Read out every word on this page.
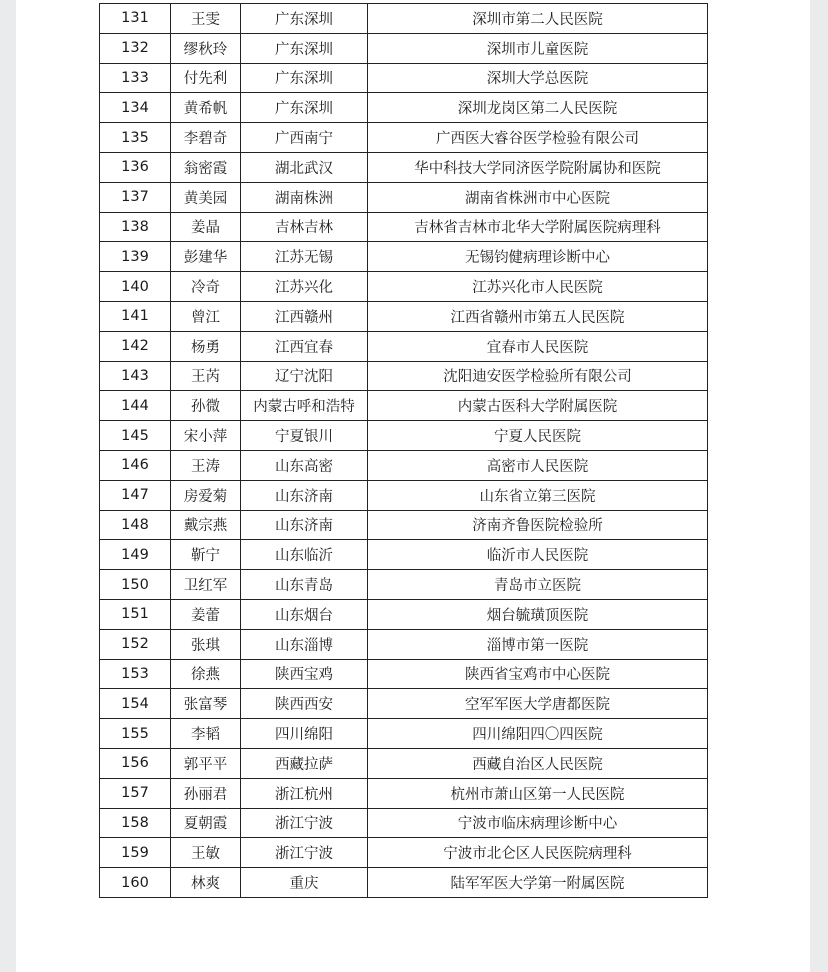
131	王雯	广东深圳	深圳市第二人民医院
132	缪秋玲	广东深圳	深圳市儿童医院
133	付先利	广东深圳	深圳大学总医院
134	黄希帆	广东深圳	深圳龙岗区第二人民医院
135	李碧奇	广西南宁	广西医大睿谷医学检验有限公司
136	翁密霞	湖北武汉	华中科技大学同济医学院附属协和医院
137	黄美园	湖南株洲	湖南省株洲市中心医院
138	姜晶	吉林吉林	吉林省吉林市北华大学附属医院病理科
139	彭建华	江苏无锡	无锡钧健病理诊断中心
140	冷奇	江苏兴化	江苏兴化市人民医院
141	曾江	江西赣州	江西省赣州市第五人民医院
142	杨勇	江西宜春	宜春市人民医院
143	王芮	辽宁沈阳	沈阳迪安医学检验所有限公司
144	孙微	内蒙古呼和浩特	内蒙古医科大学附属医院
145	宋小萍	宁夏银川	宁夏人民医院
146	王涛	山东高密	高密市人民医院
147	房爱菊	山东济南	山东省立第三医院
148	戴宗燕	山东济南	济南齐鲁医院检验所
149	靳宁	山东临沂	临沂市人民医院
150	卫红军	山东青岛	青岛市立医院
151	姜蕾	山东烟台	烟台毓璜顶医院
152	张琪	山东淄博	淄博市第一医院
153	徐燕	陕西宝鸡	陕西省宝鸡市中心医院
154	张富琴	陕西西安	空军军医大学唐都医院
155	李韬	四川绵阳	四川绵阳四〇四医院
156	郭平平	西藏拉萨	西藏自治区人民医院
157	孙丽君	浙江杭州	杭州市萧山区第一人民医院
158	夏朝霞	浙江宁波	宁波市临床病理诊断中心
159	王敏	浙江宁波	宁波市北仑区人民医院病理科
160	林爽	重庆	陆军军医大学第一附属医院
